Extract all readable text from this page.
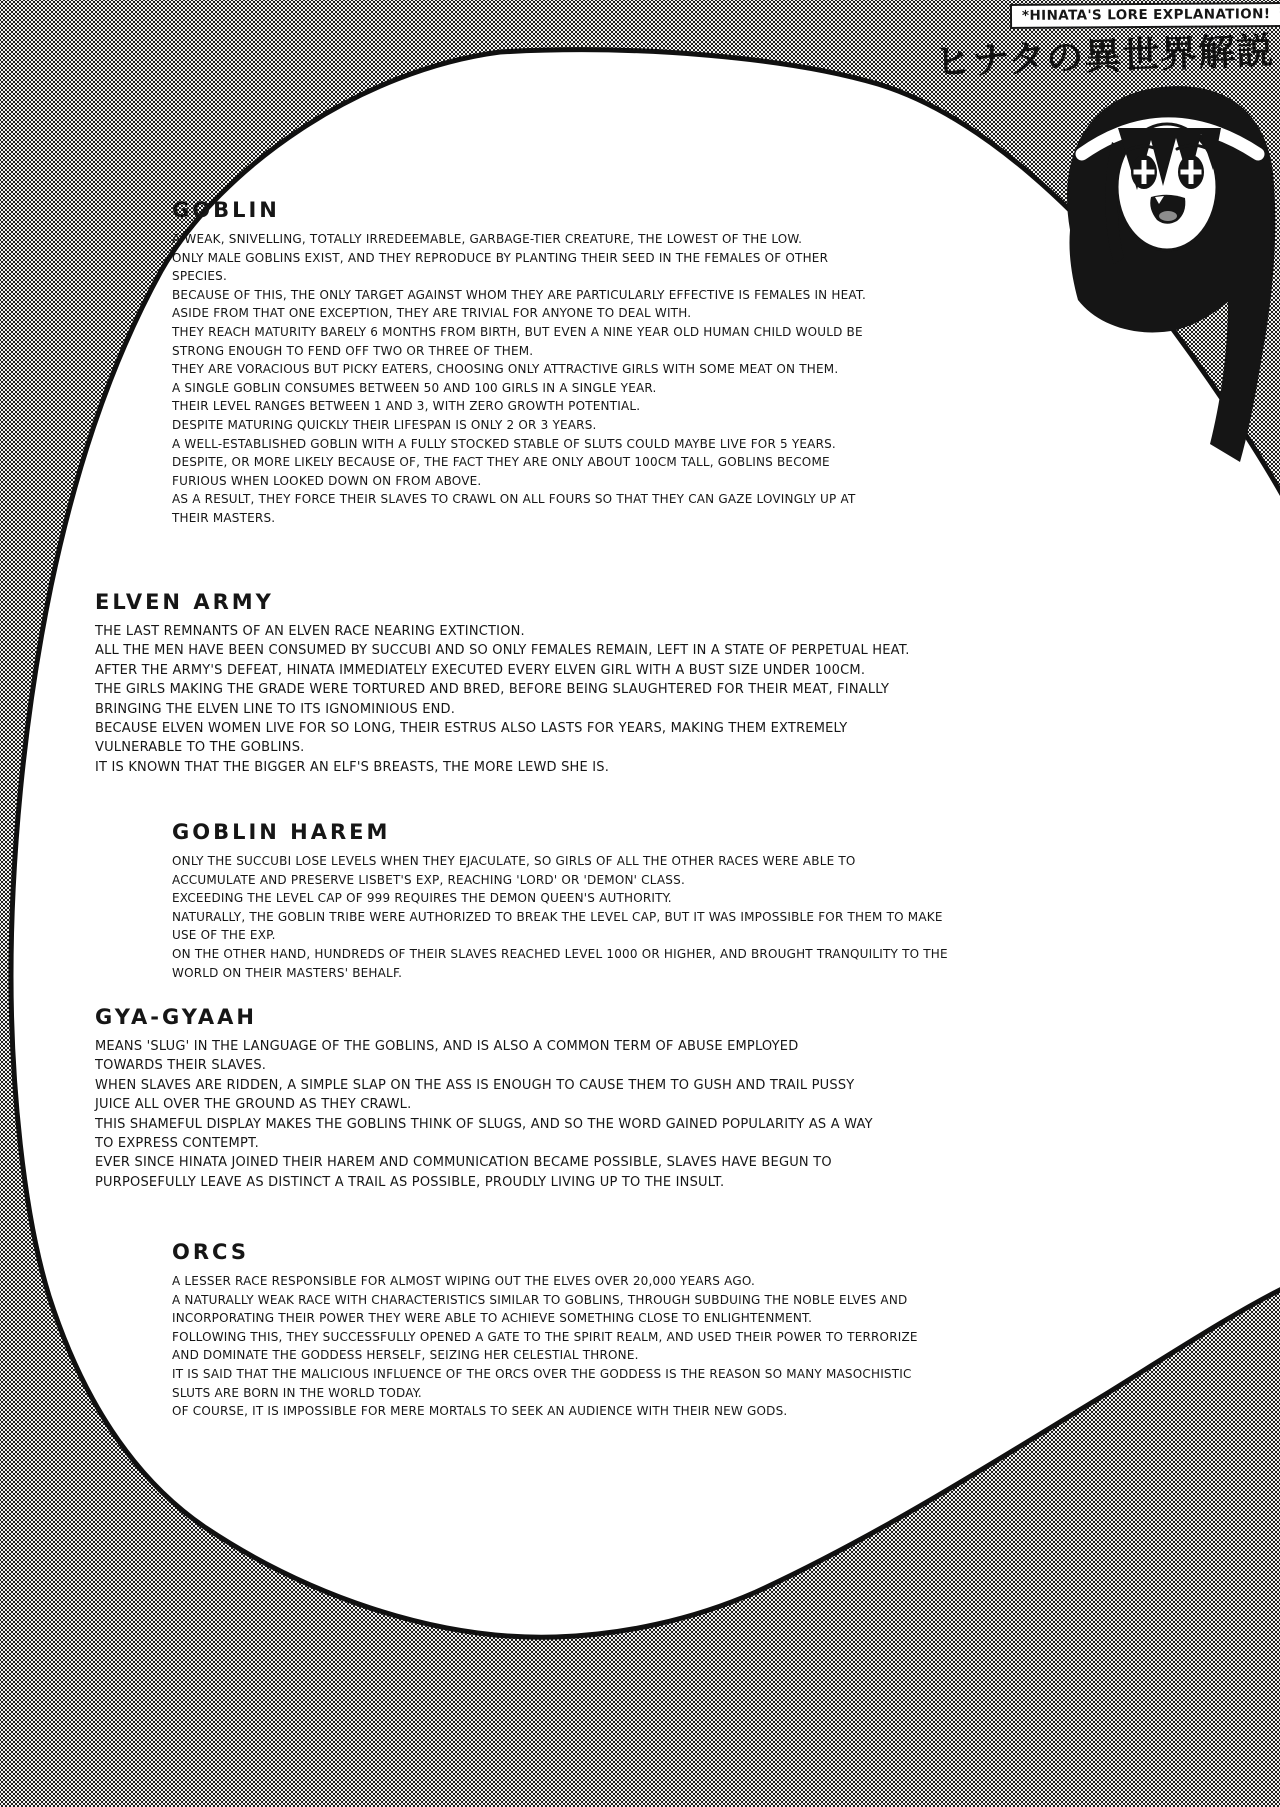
*HINATA'S LORE EXPLANATION!
ヒナタの異世界解説
GOBLIN
A WEAK, SNIVELLING, TOTALLY IRREDEEMABLE, GARBAGE-TIER CREATURE, THE LOWEST OF THE LOW.
ONLY MALE GOBLINS EXIST, AND THEY REPRODUCE BY PLANTING THEIR SEED IN THE FEMALES OF OTHER
SPECIES.
BECAUSE OF THIS, THE ONLY TARGET AGAINST WHOM THEY ARE PARTICULARLY EFFECTIVE IS FEMALES IN HEAT.
ASIDE FROM THAT ONE EXCEPTION, THEY ARE TRIVIAL FOR ANYONE TO DEAL WITH.
THEY REACH MATURITY BARELY 6 MONTHS FROM BIRTH, BUT EVEN A NINE YEAR OLD HUMAN CHILD WOULD BE
STRONG ENOUGH TO FEND OFF TWO OR THREE OF THEM.
THEY ARE VORACIOUS BUT PICKY EATERS, CHOOSING ONLY ATTRACTIVE GIRLS WITH SOME MEAT ON THEM.
A SINGLE GOBLIN CONSUMES BETWEEN 50 AND 100 GIRLS IN A SINGLE YEAR.
THEIR LEVEL RANGES BETWEEN 1 AND 3, WITH ZERO GROWTH POTENTIAL.
DESPITE MATURING QUICKLY THEIR LIFESPAN IS ONLY 2 OR 3 YEARS.
A WELL-ESTABLISHED GOBLIN WITH A FULLY STOCKED STABLE OF SLUTS COULD MAYBE LIVE FOR 5 YEARS.
DESPITE, OR MORE LIKELY BECAUSE OF, THE FACT THEY ARE ONLY ABOUT 100CM TALL, GOBLINS BECOME
FURIOUS WHEN LOOKED DOWN ON FROM ABOVE.
AS A RESULT, THEY FORCE THEIR SLAVES TO CRAWL ON ALL FOURS SO THAT THEY CAN GAZE LOVINGLY UP AT
THEIR MASTERS.
ELVEN ARMY
THE LAST REMNANTS OF AN ELVEN RACE NEARING EXTINCTION.
ALL THE MEN HAVE BEEN CONSUMED BY SUCCUBI AND SO ONLY FEMALES REMAIN, LEFT IN A STATE OF PERPETUAL HEAT.
AFTER THE ARMY'S DEFEAT, HINATA IMMEDIATELY EXECUTED EVERY ELVEN GIRL WITH A BUST SIZE UNDER 100CM.
THE GIRLS MAKING THE GRADE WERE TORTURED AND BRED, BEFORE BEING SLAUGHTERED FOR THEIR MEAT, FINALLY
BRINGING THE ELVEN LINE TO ITS IGNOMINIOUS END.
BECAUSE ELVEN WOMEN LIVE FOR SO LONG, THEIR ESTRUS ALSO LASTS FOR YEARS, MAKING THEM EXTREMELY
VULNERABLE TO THE GOBLINS.
IT IS KNOWN THAT THE BIGGER AN ELF'S BREASTS, THE MORE LEWD SHE IS.
GOBLIN HAREM
ONLY THE SUCCUBI LOSE LEVELS WHEN THEY EJACULATE, SO GIRLS OF ALL THE OTHER RACES WERE ABLE TO
ACCUMULATE AND PRESERVE LISBET'S EXP, REACHING 'LORD' OR 'DEMON' CLASS.
EXCEEDING THE LEVEL CAP OF 999 REQUIRES THE DEMON QUEEN'S AUTHORITY.
NATURALLY, THE GOBLIN TRIBE WERE AUTHORIZED TO BREAK THE LEVEL CAP, BUT IT WAS IMPOSSIBLE FOR THEM TO MAKE
USE OF THE EXP.
ON THE OTHER HAND, HUNDREDS OF THEIR SLAVES REACHED LEVEL 1000 OR HIGHER, AND BROUGHT TRANQUILITY TO THE
WORLD ON THEIR MASTERS' BEHALF.
GYA-GYAAH
MEANS 'SLUG' IN THE LANGUAGE OF THE GOBLINS, AND IS ALSO A COMMON TERM OF ABUSE EMPLOYED
TOWARDS THEIR SLAVES.
WHEN SLAVES ARE RIDDEN, A SIMPLE SLAP ON THE ASS IS ENOUGH TO CAUSE THEM TO GUSH AND TRAIL PUSSY
JUICE ALL OVER THE GROUND AS THEY CRAWL.
THIS SHAMEFUL DISPLAY MAKES THE GOBLINS THINK OF SLUGS, AND SO THE WORD GAINED POPULARITY AS A WAY
TO EXPRESS CONTEMPT.
EVER SINCE HINATA JOINED THEIR HAREM AND COMMUNICATION BECAME POSSIBLE, SLAVES HAVE BEGUN TO
PURPOSEFULLY LEAVE AS DISTINCT A TRAIL AS POSSIBLE, PROUDLY LIVING UP TO THE INSULT.
ORCS
A LESSER RACE RESPONSIBLE FOR ALMOST WIPING OUT THE ELVES OVER 20,000 YEARS AGO.
A NATURALLY WEAK RACE WITH CHARACTERISTICS SIMILAR TO GOBLINS, THROUGH SUBDUING THE NOBLE ELVES AND
INCORPORATING THEIR POWER THEY WERE ABLE TO ACHIEVE SOMETHING CLOSE TO ENLIGHTENMENT.
FOLLOWING THIS, THEY SUCCESSFULLY OPENED A GATE TO THE SPIRIT REALM, AND USED THEIR POWER TO TERRORIZE
AND DOMINATE THE GODDESS HERSELF, SEIZING HER CELESTIAL THRONE.
IT IS SAID THAT THE MALICIOUS INFLUENCE OF THE ORCS OVER THE GODDESS IS THE REASON SO MANY MASOCHISTIC
SLUTS ARE BORN IN THE WORLD TODAY.
OF COURSE, IT IS IMPOSSIBLE FOR MERE MORTALS TO SEEK AN AUDIENCE WITH THEIR NEW GODS.
